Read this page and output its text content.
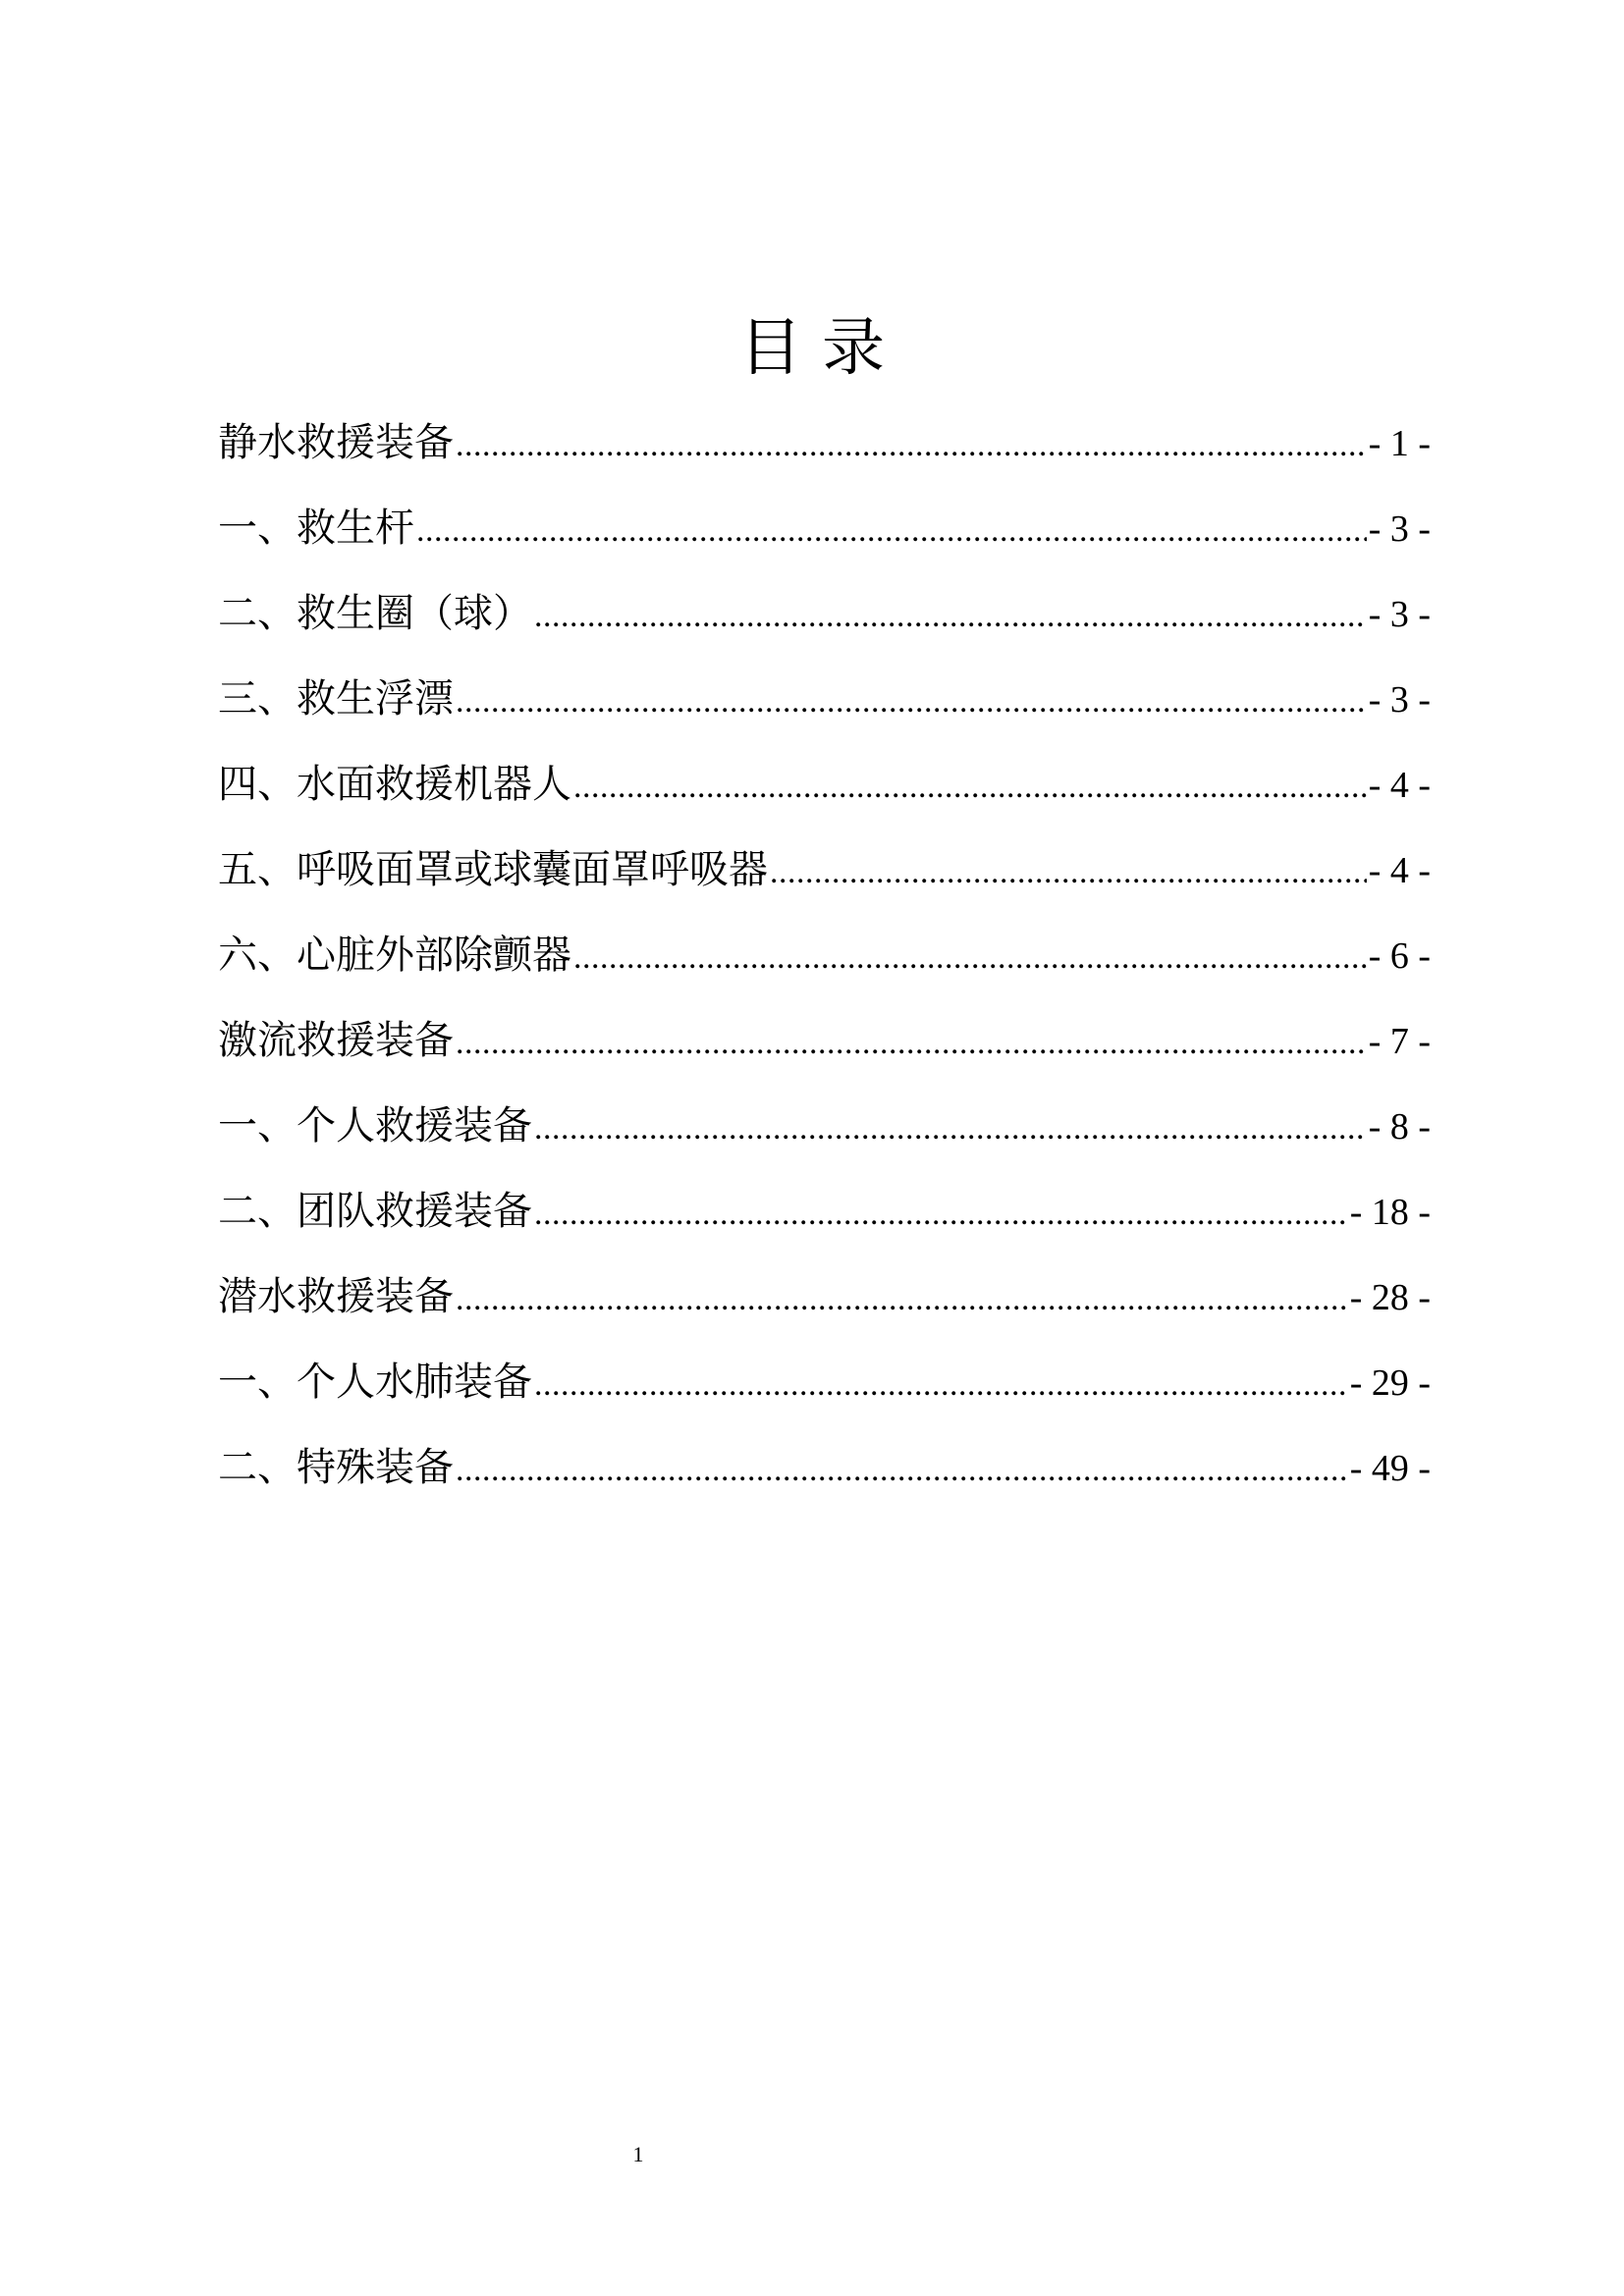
目 录
静水救援装备 .....	- 1 -
一、救生杆 .....	- 3 -
二、救生圈（球） .....	- 3 -
三、救生浮漂 .....	- 3 -
四、水面救援机器人 .....	- 4 -
五、呼吸面罩或球囊面罩呼吸器 .....	- 4 -
六、心脏外部除颤器 .....	- 6 -
激流救援装备 .....	- 7 -
一、个人救援装备 .....	- 8 -
二、团队救援装备 .....	- 18 -
潜水救援装备 .....	- 28 -
一、个人水肺装备 .....	- 29 -
二、特殊装备 .....	- 49 -
1
